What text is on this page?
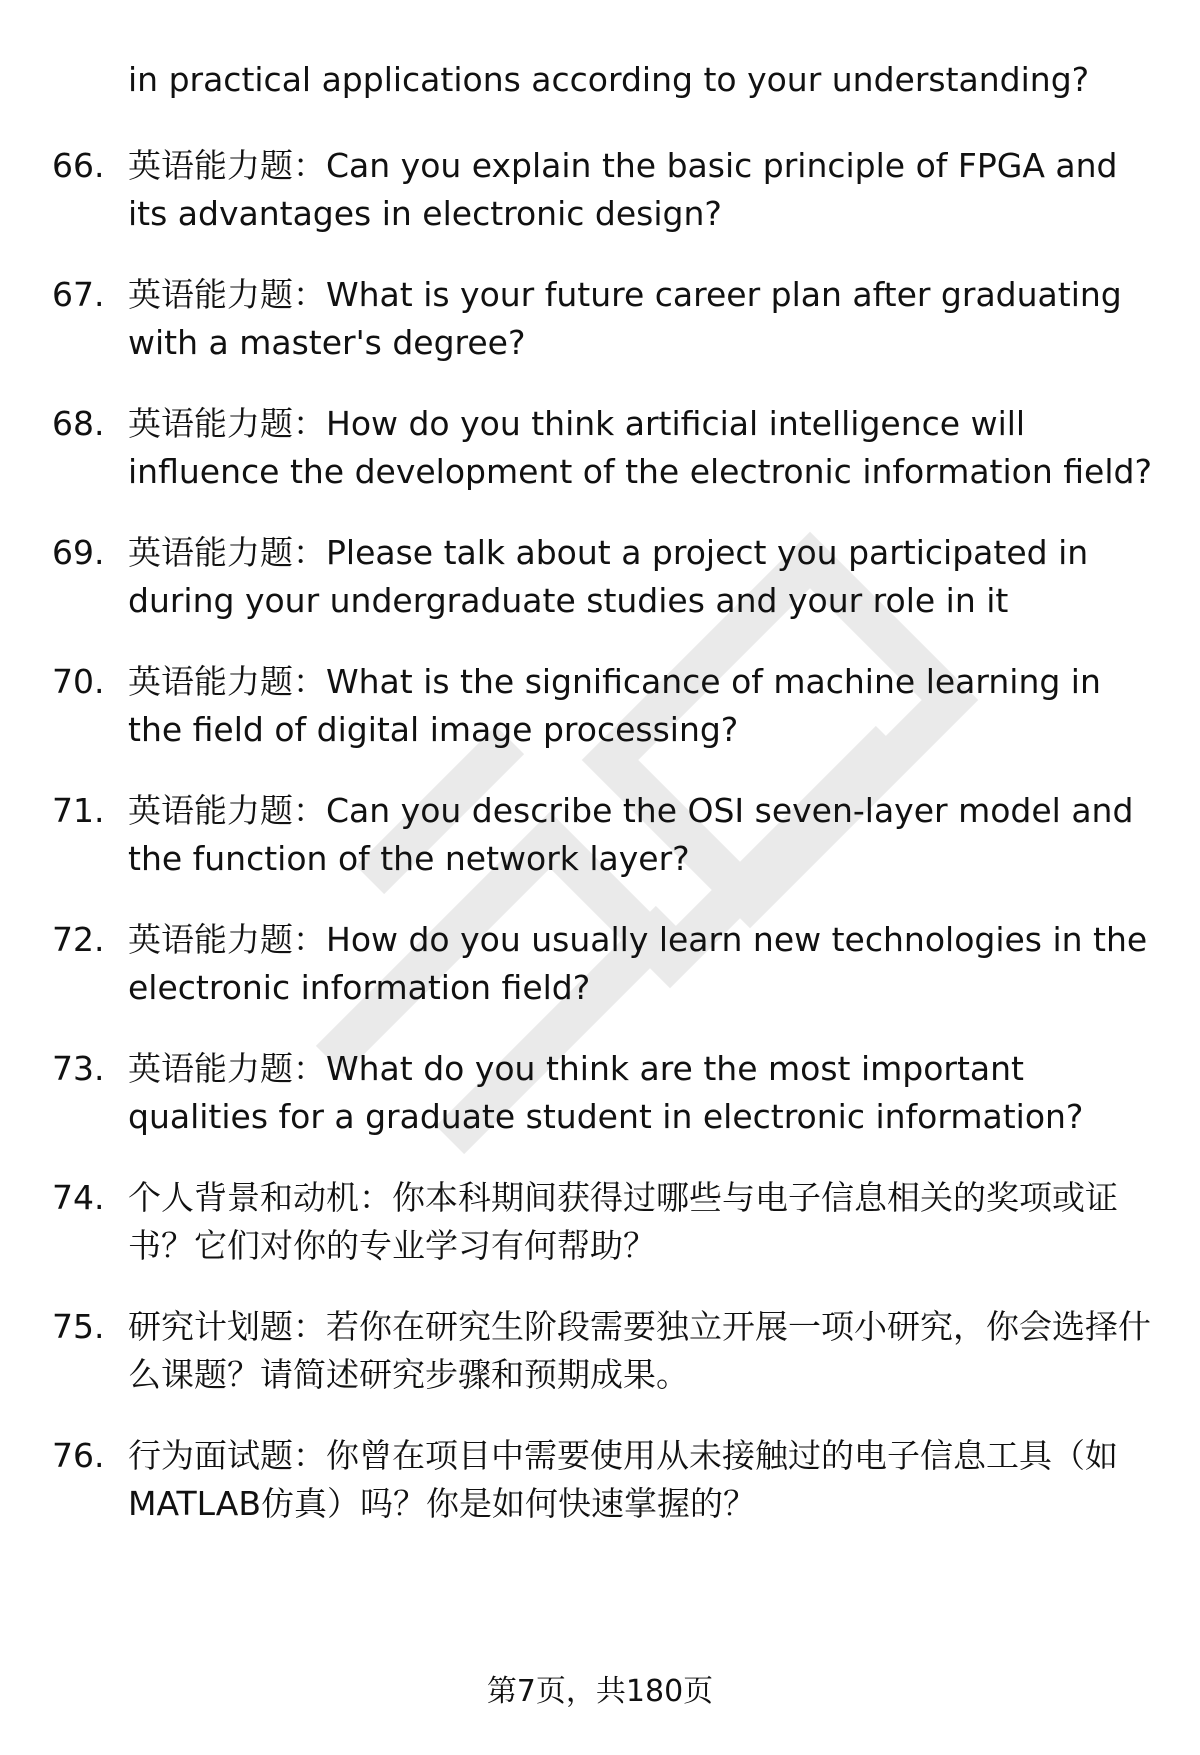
in practical applications according to your understanding?
66. 英语能力题：Can you explain the basic principle of FPGA and its advantages in electronic design?
67. 英语能力题：What is your future career plan after graduating with a master's degree?
68. 英语能力题：How do you think artificial intelligence will influence the development of the electronic information field?
69. 英语能力题：Please talk about a project you participated in during your undergraduate studies and your role in it
70. 英语能力题：What is the significance of machine learning in the field of digital image processing?
71. 英语能力题：Can you describe the OSI seven-layer model and the function of the network layer?
72. 英语能力题：How do you usually learn new technologies in the electronic information field?
73. 英语能力题：What do you think are the most important qualities for a graduate student in electronic information?
74. 个人背景和动机：你本科期间获得过哪些与电子信息相关的奖项或证书？它们对你的专业学习有何帮助？
75. 研究计划题：若你在研究生阶段需要独立开展一项小研究，你会选择什么课题？请简述研究步骤和预期成果。
76. 行为面试题：你曾在项目中需要使用从未接触过的电子信息工具（如MATLAB仿真）吗？你是如何快速掌握的？
第7页，共180页
